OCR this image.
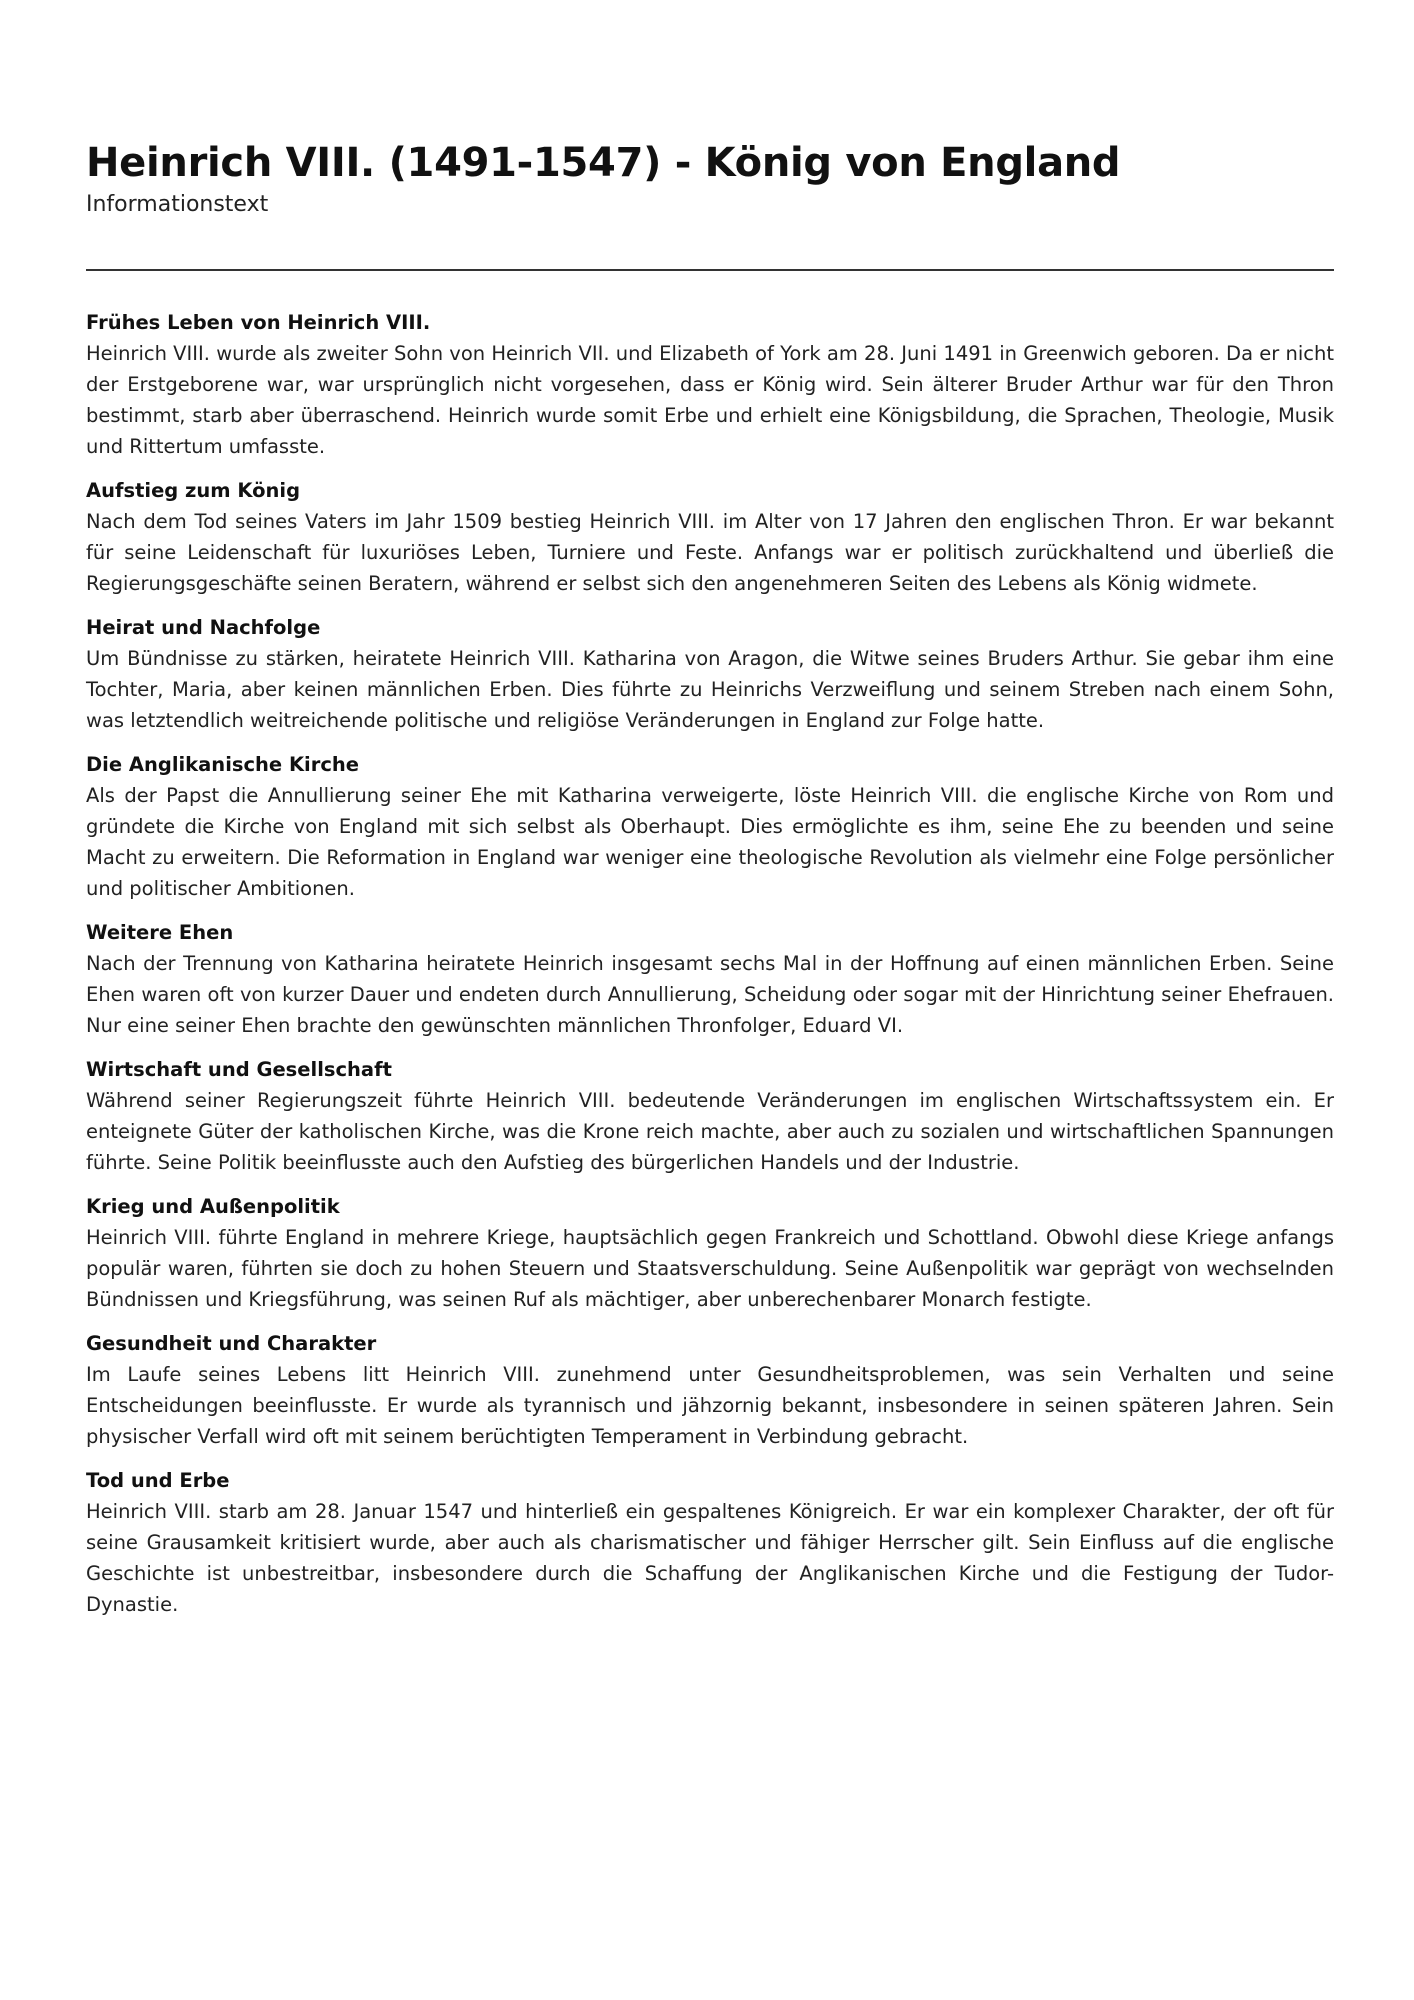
Heinrich VIII. (1491-1547) - König von England

Informationstext

Frühes Leben von Heinrich VIII.

Heinrich VIII. wurde als zweiter Sohn von Heinrich VII. und Elizabeth of York am 28. Juni 1491 in Greenwich geboren. Da er nicht der Erstgeborene war, war ursprünglich nicht vorgesehen, dass er König wird. Sein älterer Bruder Arthur war für den Thron bestimmt, starb aber überraschend. Heinrich wurde somit Erbe und erhielt eine Königsbildung, die Sprachen, Theologie, Musik und Rittertum umfasste.

Aufstieg zum König

Nach dem Tod seines Vaters im Jahr 1509 bestieg Heinrich VIII. im Alter von 17 Jahren den englischen Thron. Er war bekannt für seine Leidenschaft für luxuriöses Leben, Turniere und Feste. Anfangs war er politisch zurückhaltend und überließ die Regierungsgeschäfte seinen Beratern, während er selbst sich den angenehmeren Seiten des Lebens als König widmete.

Heirat und Nachfolge

Um Bündnisse zu stärken, heiratete Heinrich VIII. Katharina von Aragon, die Witwe seines Bruders Arthur. Sie gebar ihm eine Tochter, Maria, aber keinen männlichen Erben. Dies führte zu Heinrichs Verzweiflung und seinem Streben nach einem Sohn, was letztendlich weitreichende politische und religiöse Veränderungen in England zur Folge hatte.

Die Anglikanische Kirche

Als der Papst die Annullierung seiner Ehe mit Katharina verweigerte, löste Heinrich VIII. die englische Kirche von Rom und gründete die Kirche von England mit sich selbst als Oberhaupt. Dies ermöglichte es ihm, seine Ehe zu beenden und seine Macht zu erweitern. Die Reformation in England war weniger eine theologische Revolution als vielmehr eine Folge persönlicher und politischer Ambitionen.

Weitere Ehen

Nach der Trennung von Katharina heiratete Heinrich insgesamt sechs Mal in der Hoffnung auf einen männlichen Erben. Seine Ehen waren oft von kurzer Dauer und endeten durch Annullierung, Scheidung oder sogar mit der Hinrichtung seiner Ehefrauen. Nur eine seiner Ehen brachte den gewünschten männlichen Thronfolger, Eduard VI.

Wirtschaft und Gesellschaft

Während seiner Regierungszeit führte Heinrich VIII. bedeutende Veränderungen im englischen Wirtschaftssystem ein. Er enteignete Güter der katholischen Kirche, was die Krone reich machte, aber auch zu sozialen und wirtschaftlichen Spannungen führte. Seine Politik beeinflusste auch den Aufstieg des bürgerlichen Handels und der Industrie.

Krieg und Außenpolitik

Heinrich VIII. führte England in mehrere Kriege, hauptsächlich gegen Frankreich und Schottland. Obwohl diese Kriege anfangs populär waren, führten sie doch zu hohen Steuern und Staatsverschuldung. Seine Außenpolitik war geprägt von wechselnden Bündnissen und Kriegsführung, was seinen Ruf als mächtiger, aber unberechenbarer Monarch festigte.

Gesundheit und Charakter

Im Laufe seines Lebens litt Heinrich VIII. zunehmend unter Gesundheitsproblemen, was sein Verhalten und seine Entscheidungen beeinflusste. Er wurde als tyrannisch und jähzornig bekannt, insbesondere in seinen späteren Jahren. Sein physischer Verfall wird oft mit seinem berüchtigten Temperament in Verbindung gebracht.

Tod und Erbe

Heinrich VIII. starb am 28. Januar 1547 und hinterließ ein gespaltenes Königreich. Er war ein komplexer Charakter, der oft für seine Grausamkeit kritisiert wurde, aber auch als charismatischer und fähiger Herrscher gilt. Sein Einfluss auf die englische Geschichte ist unbestreitbar, insbesondere durch die Schaffung der Anglikanischen Kirche und die Festigung der Tudor-Dynastie.
